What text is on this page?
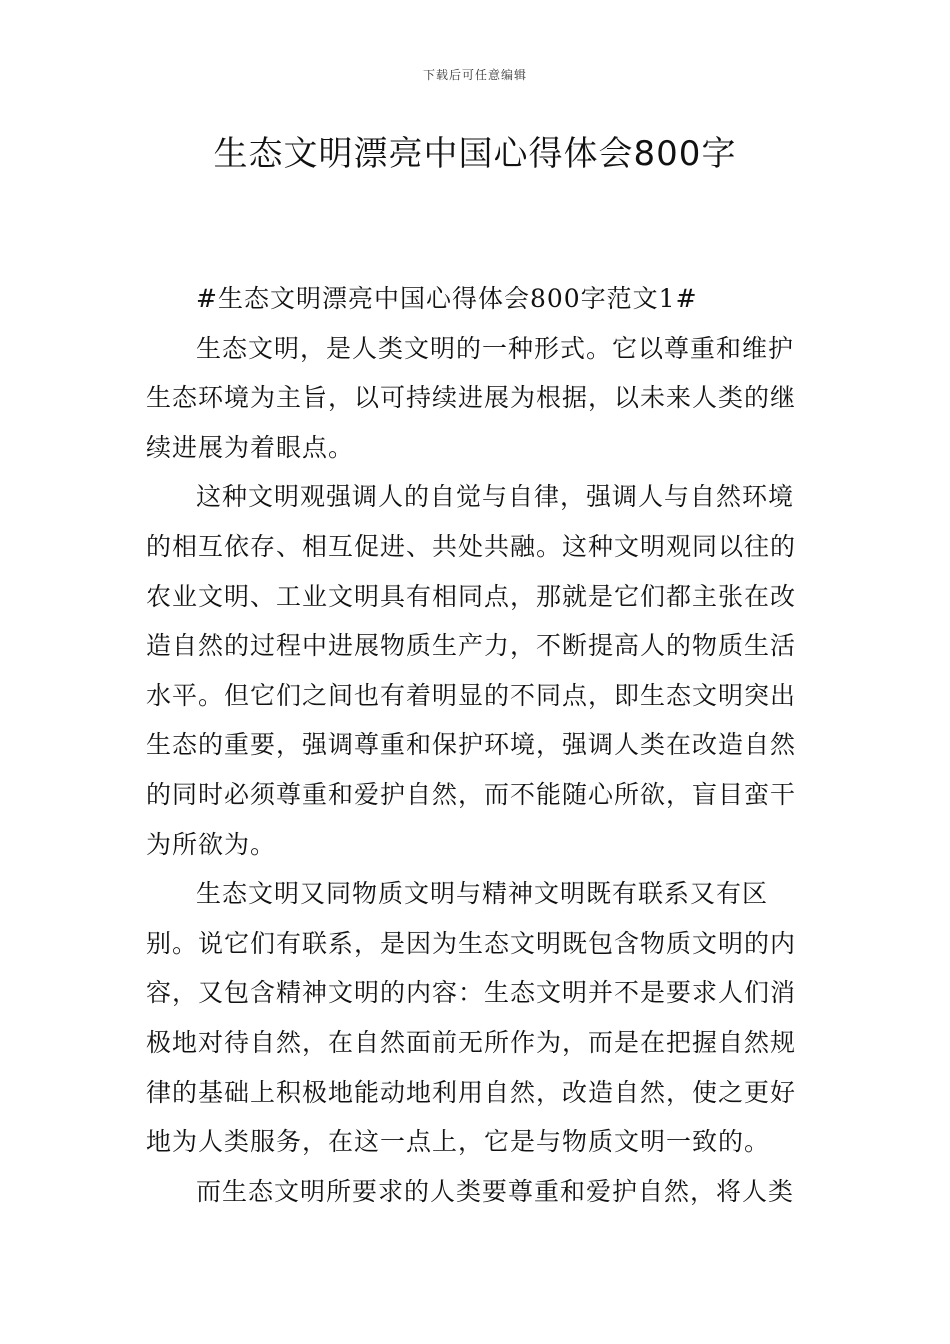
下载后可任意编辑
生态文明漂亮中国心得体会800字

#生态文明漂亮中国心得体会800字范文1#

生态文明，是人类文明的一种形式。它以尊重和维护生态环境为主旨，以可持续进展为根据，以未来人类的继续进展为着眼点。

这种文明观强调人的自觉与自律，强调人与自然环境的相互依存、相互促进、共处共融。这种文明观同以往的农业文明、工业文明具有相同点，那就是它们都主张在改造自然的过程中进展物质生产力，不断提高人的物质生活水平。但它们之间也有着明显的不同点，即生态文明突出生态的重要，强调尊重和保护环境，强调人类在改造自然的同时必须尊重和爱护自然，而不能随心所欲，盲目蛮干为所欲为。

生态文明又同物质文明与精神文明既有联系又有区别。说它们有联系，是因为生态文明既包含物质文明的内容，又包含精神文明的内容：生态文明并不是要求人们消极地对待自然，在自然面前无所作为，而是在把握自然规律的基础上积极地能动地利用自然，改造自然，使之更好地为人类服务，在这一点上，它是与物质文明一致的。

而生态文明所要求的人类要尊重和爱护自然，将人类
